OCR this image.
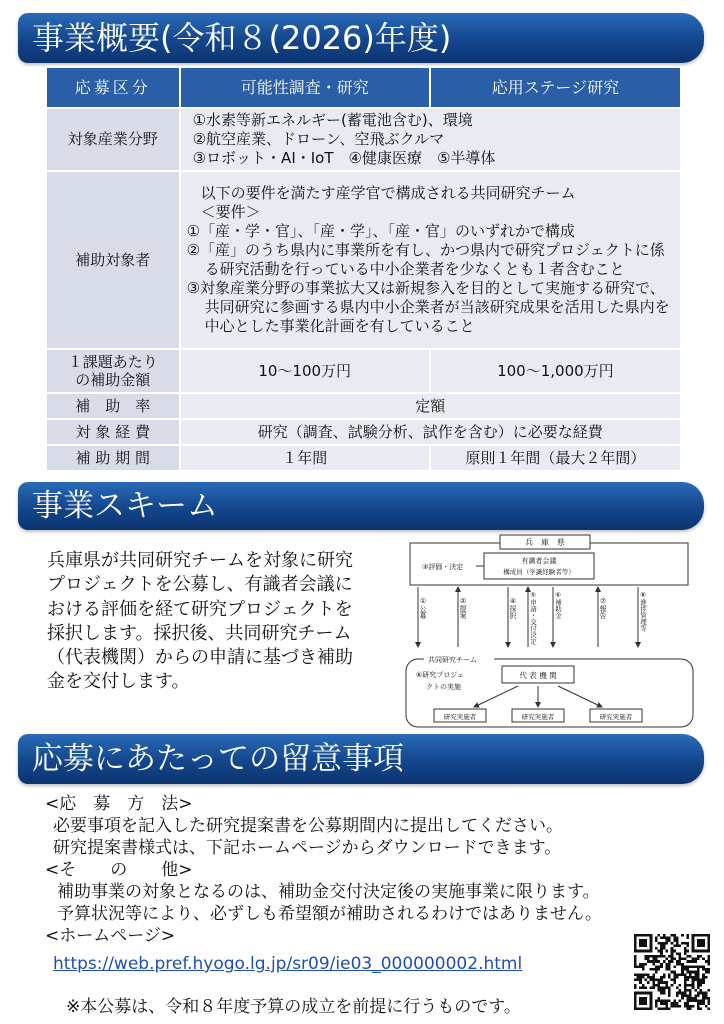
事業概要(令和８(2026)年度)
応募区分	可能性調査・研究	応用ステージ研究
対象産業分野	①水素等新エネルギー(蓄電池含む)、環境
②航空産業、ドローン、空飛ぶクルマ
③ロボット・AI・IoT　④健康医療　⑤半導体	

補助対象者	以下の要件を満たす産学官で構成される共同研究チーム
＜要件＞
①「産・学・官」、「産・学」、「産・官」のいずれかで構成
②「産」のうち県内に事業所を有し、かつ県内で研究プロジェクトに係る研究活動を行っている中小企業者を少なくとも１者含むこと
③対象産業分野の事業拡大又は新規参入を目的として実施する研究で、共同研究に参画する県内中小企業者が当該研究成果を活用した県内を中心とした事業化計画を有していること	

１課題あたり
の補助金額	10～100万円	100～1,000万円
補　助　率	定額	
対 象 経 費	研究（調査、試験分析、試作を含む）に必要な経費	
補 助 期 間	１年間	原則１年間（最大２年間）
事業スキーム

兵庫県が共同研究チームを対象に研究プロジェクトを公募し、有識者会議における評価を経て研究プロジェクトを採択します。採択後、共同研究チーム（代表機関）からの申請に基づき補助金を交付します。

兵　庫　県
③評価・決定
有識者会議
構成員（学識経験者等）
①公募	②提案	④採択 ⑤申請・交付決定	⑥補助金	⑦報告	⑧進捗管理等
共同研究チーム
⑥研究プロジェ
クトの実施
代 表 機 関
研究実施者	研究実施者	研究実施者
応募にあたっての留意事項
<応　募　方　法>
必要事項を記入した研究提案書を公募期間内に提出してください。
研究提案書様式は、下記ホームページからダウンロードできます。
<そ　　の　　他>
補助事業の対象となるのは、補助金交付決定後の実施事業に限ります。
予算状況等により、必ずしも希望額が補助されるわけではありません。
<ホームページ>
https://web.pref.hyogo.lg.jp/sr09/ie03_000000002.html
※本公募は、令和８年度予算の成立を前提に行うものです。
